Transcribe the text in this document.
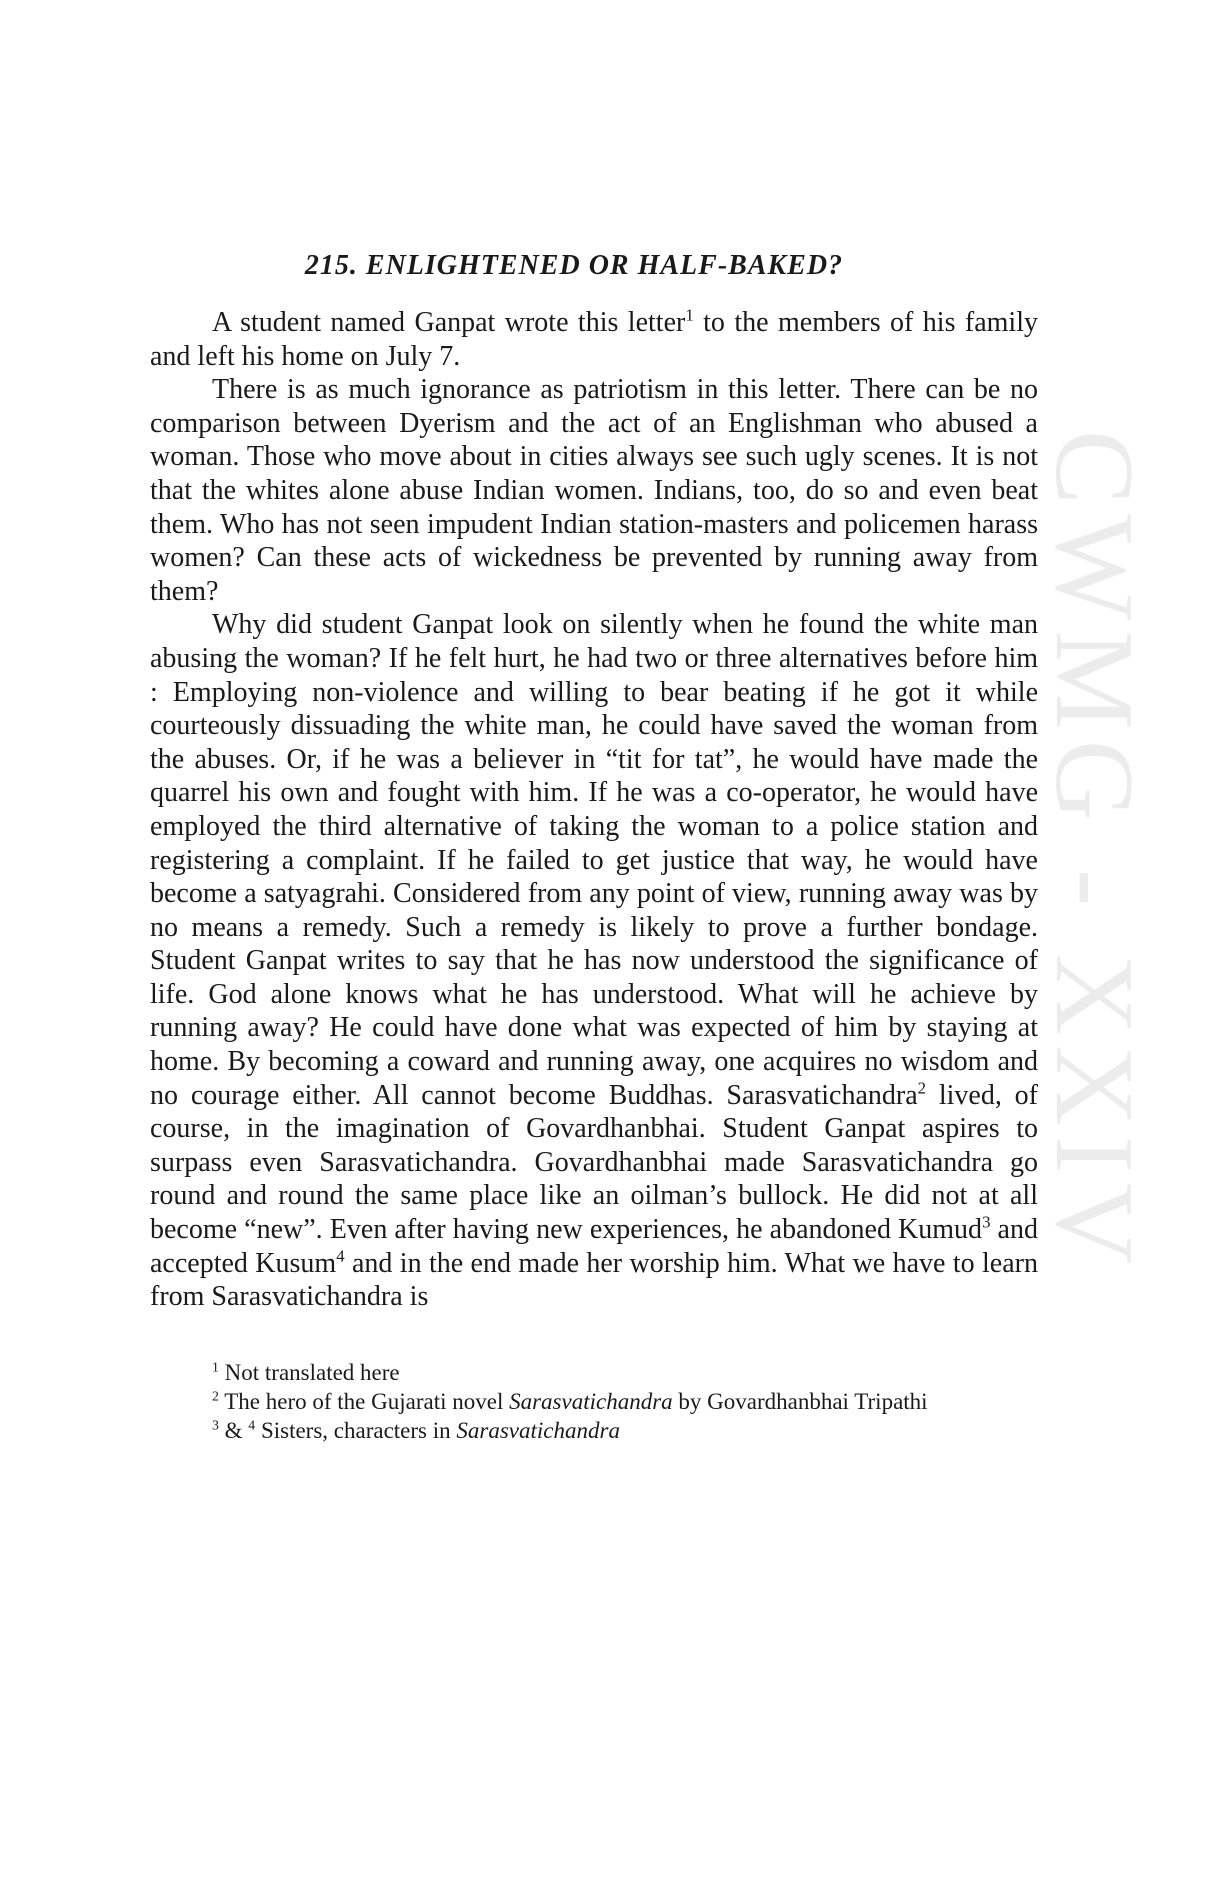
CWMG - XXIV
215. ENLIGHTENED OR HALF-BAKED?

A student named Ganpat wrote this letter$^1$ to the members of his family and left his home on July 7.

There is as much ignorance as patriotism in this letter. There can be no comparison between Dyerism and the act of an Englishman who abused a woman. Those who move about in cities always see such ugly scenes. It is not that the whites alone abuse Indian women. Indians, too, do so and even beat them. Who has not seen impudent Indian station-masters and policemen harass women? Can these acts of wickedness be prevented by running away from them?

Why did student Ganpat look on silently when he found the white man abusing the woman? If he felt hurt, he had two or three alternatives before him : Employing non-violence and willing to bear beating if he got it while courteously dissuading the white man, he could have saved the woman from the abuses. Or, if he was a believer in “tit for tat”, he would have made the quarrel his own and fought with him. If he was a co-operator, he would have employed the third alternative of taking the woman to a police station and registering a complaint. If he failed to get justice that way, he would have become a satyagrahi. Considered from any point of view, running away was by no means a remedy. Such a remedy is likely to prove a further bondage. Student Ganpat writes to say that he has now understood the significance of life. God alone knows what he has understood. What will he achieve by running away? He could have done what was expected of him by staying at home. By becoming a coward and running away, one acquires no wisdom and no courage either. All cannot become Buddhas. Sarasvatichandra$^2$ lived, of course, in the imagination of Govardhanbhai. Student Ganpat aspires to surpass even Sarasvatichandra. Govardhanbhai made Sarasvatichandra go round and round the same place like an oilman’s bullock. He did not at all become “new”. Even after having new experiences, he abandoned Kumud$^3$ and accepted Kusum$^4$ and in the end made her worship him. What we have to learn from Sarasvatichandra is

$^1$ Not translated here

$^2$ The hero of the Gujarati novel Sarasvatichandra by Govardhanbhai Tripathi

$^3$ & $^4$ Sisters, characters in Sarasvatichandra
